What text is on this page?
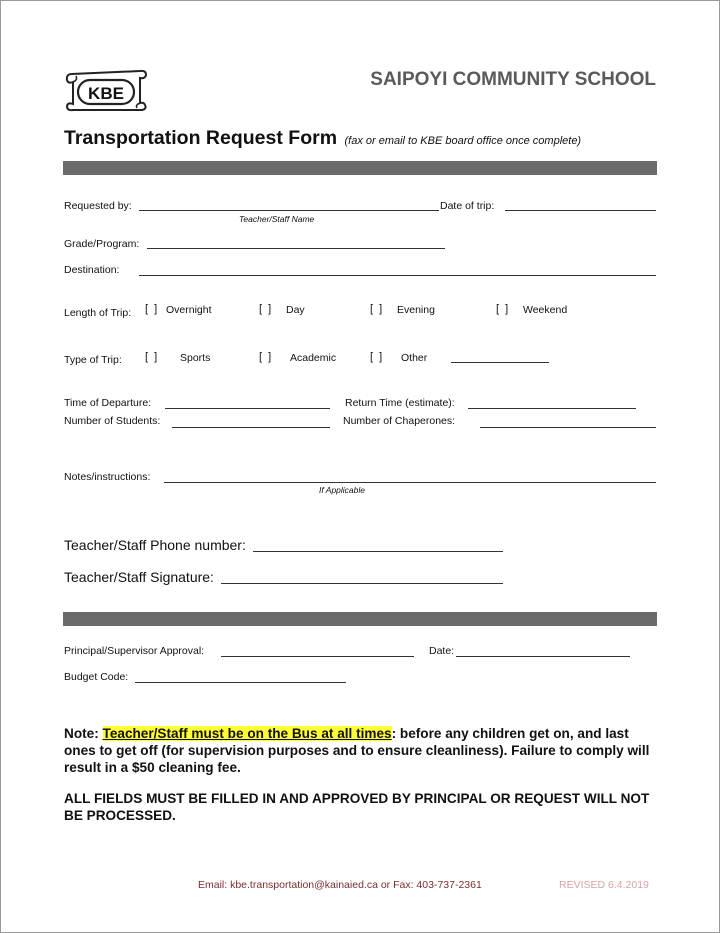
KBE
SAIPOYI COMMUNITY SCHOOL
Transportation Request Form (fax or email to KBE board office once complete)
Requested by:
Teacher/Staff Name
Date of trip:
Grade/Program:
Destination:
Length of Trip: [  ] Overnight	[  ] Day	[  ] Evening	[  ] Weekend
Type of Trip: [  ] Sports	[  ] Academic	[  ] Other
Time of Departure:	Return Time (estimate):
Number of Students:	Number of Chaperones:
Notes/instructions:
If Applicable
Teacher/Staff Phone number:
Teacher/Staff Signature:
Principal/Supervisor Approval:	Date:
Budget Code:
Note: Teacher/Staff must be on the Bus at all times: before any children get on, and last ones to get off (for supervision purposes and to ensure cleanliness). Failure to comply will result in a $50 cleaning fee.
ALL FIELDS MUST BE FILLED IN AND APPROVED BY PRINCIPAL OR REQUEST WILL NOT BE PROCESSED.
Email: kbe.transportation@kainaied.ca or Fax: 403-737-2361	REVISED 6.4.2019
